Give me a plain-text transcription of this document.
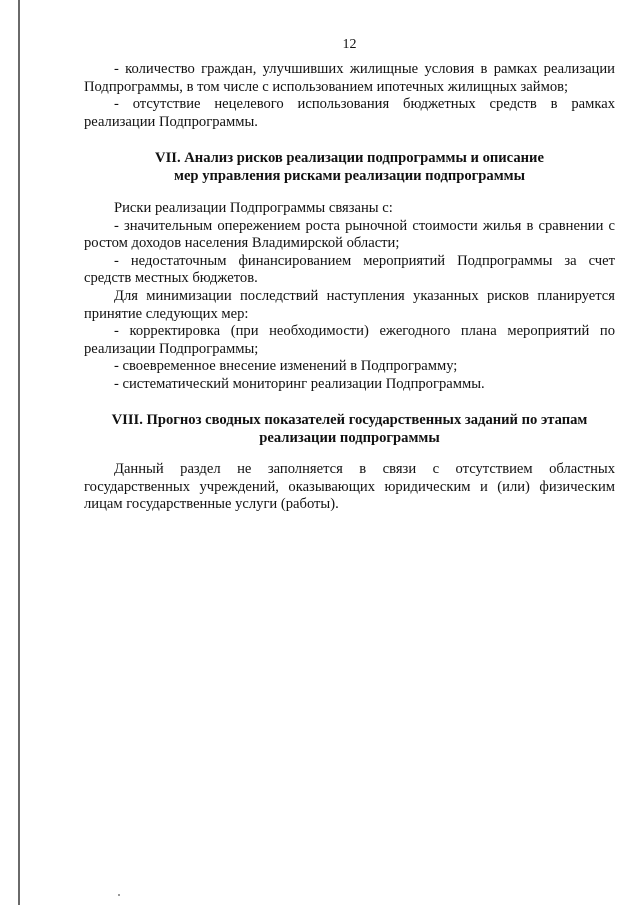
12

- количество граждан, улучшивших жилищные условия в рамках реализации Подпрограммы, в том числе с использованием ипотечных жилищных займов;

- отсутствие нецелевого использования бюджетных средств в рамках реализации Подпрограммы.

VII. Анализ рисков реализации подпрограммы и описание
мер управления рисками реализации подпрограммы

Риски реализации Подпрограммы связаны с:

- значительным опережением роста рыночной стоимости жилья в сравнении с ростом доходов населения Владимирской области;

- недостаточным финансированием мероприятий Подпрограммы за счет средств местных бюджетов.

Для минимизации последствий наступления указанных рисков планируется принятие следующих мер:

- корректировка (при необходимости) ежегодного плана мероприятий по реализации Подпрограммы;

- своевременное внесение изменений в Подпрограмму;

- систематический мониторинг реализации Подпрограммы.

VIII. Прогноз сводных показателей государственных заданий по этапам
реализации подпрограммы

Данный раздел не заполняется в связи с отсутствием областных государственных учреждений, оказывающих юридическим и (или) физическим лицам государственные услуги (работы).
